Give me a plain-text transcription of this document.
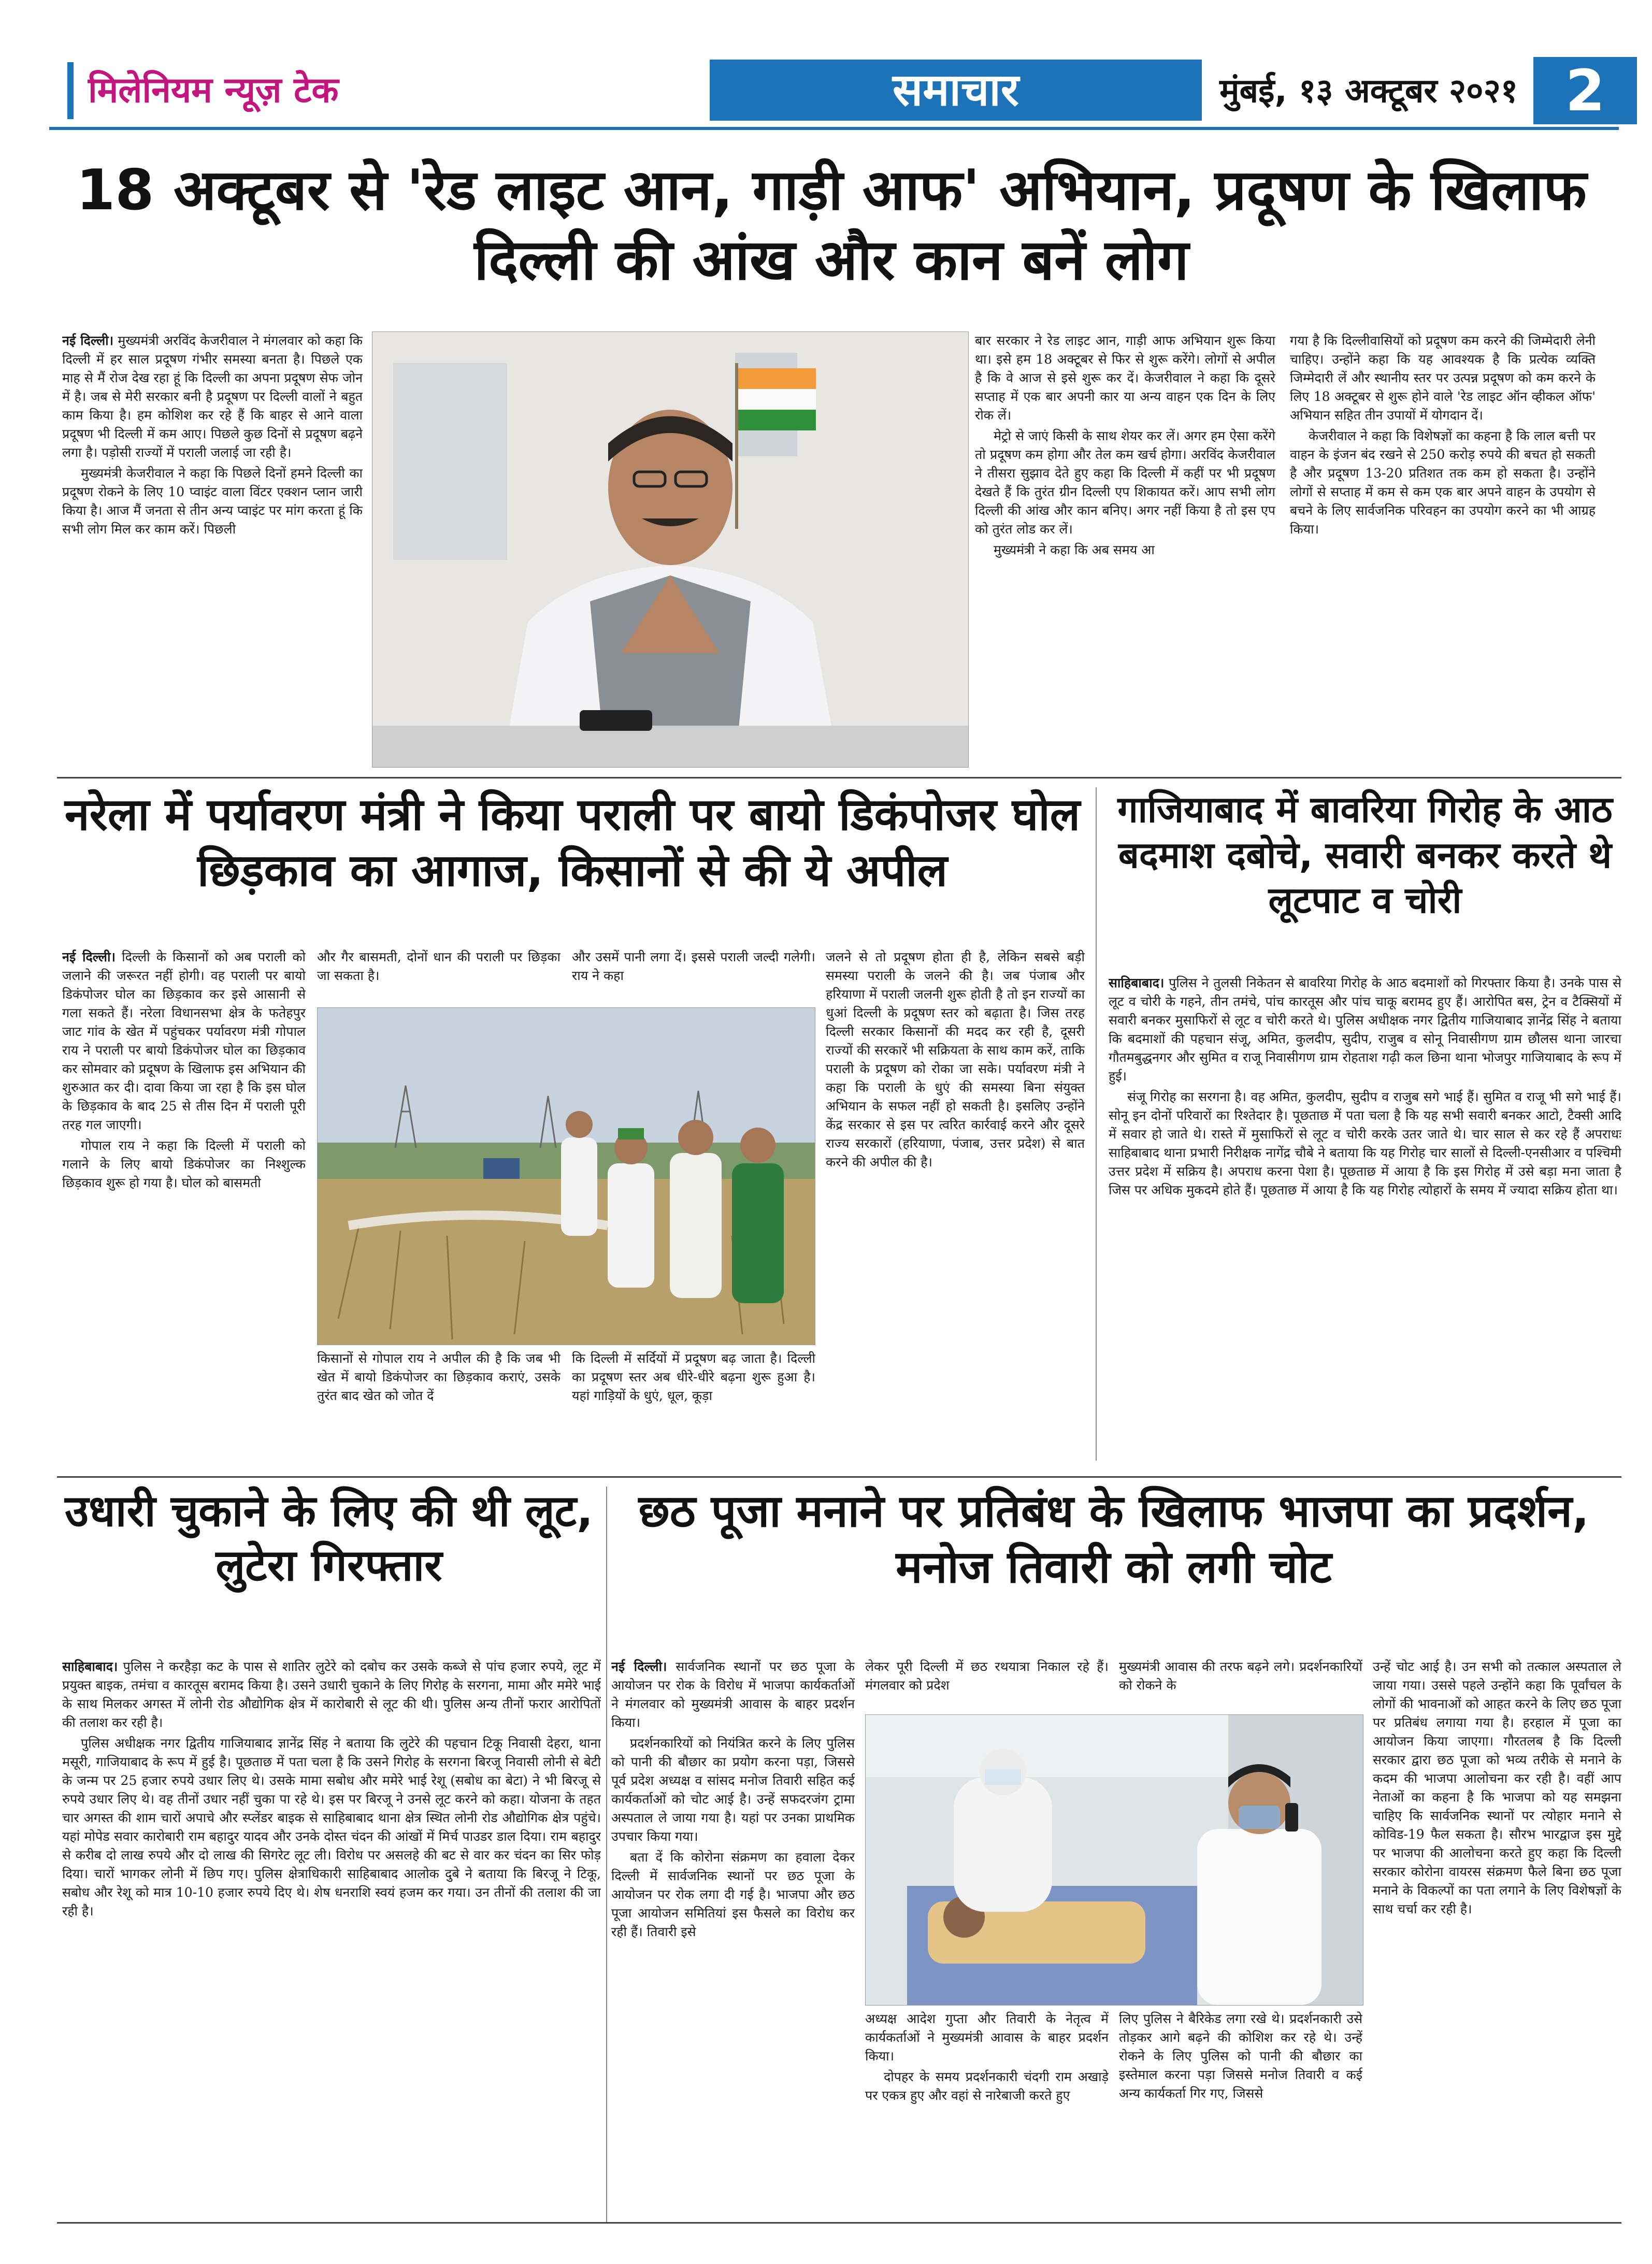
मिलेनियम न्यूज़ टेक	समाचार	मुंबई, १३ अक्टूबर २०२१ 2
18 अक्टूबर से 'रेड लाइट आन, गाड़ी आफ' अभियान, प्रदूषण के खिलाफ दिल्ली की आंख और कान बनें लोग

नई दिल्ली। मुख्यमंत्री अरविंद केजरीवाल ने मंगलवार को कहा कि दिल्ली में हर साल प्रदूषण गंभीर समस्या बनता है। पिछले एक माह से मैं रोज देख रहा हूं कि दिल्ली का अपना प्रदूषण सेफ जोन में है। जब से मेरी सरकार बनी है प्रदूषण पर दिल्ली वालों ने बहुत काम किया है। हम कोशिश कर रहे हैं कि बाहर से आने वाला प्रदूषण भी दिल्ली में कम आए। पिछले कुछ दिनों से प्रदूषण बढ़ने लगा है। पड़ोसी राज्यों में पराली जलाई जा रही है।

मुख्यमंत्री केजरीवाल ने कहा कि पिछले दिनों हमने दिल्ली का प्रदूषण रोकने के लिए 10 प्वाइंट वाला विंटर एक्शन प्लान जारी किया है। आज मैं जनता से तीन अन्य प्वाइंट पर मांग करता हूं कि सभी लोग मिल कर काम करें। पिछली

बार सरकार ने रेड लाइट आन, गाड़ी आफ अभियान शुरू किया था। इसे हम 18 अक्टूबर से फिर से शुरू करेंगे। लोगों से अपील है कि वे आज से इसे शुरू कर दें। केजरीवाल ने कहा कि दूसरे सप्ताह में एक बार अपनी कार या अन्य वाहन एक दिन के लिए रोक लें।

मेट्रो से जाएं किसी के साथ शेयर कर लें। अगर हम ऐसा करेंगे तो प्रदूषण कम होगा और तेल कम खर्च होगा। अरविंद केजरीवाल ने तीसरा सुझाव देते हुए कहा कि दिल्ली में कहीं पर भी प्रदूषण देखते हैं कि तुरंत ग्रीन दिल्ली एप शिकायत करें। आप सभी लोग दिल्ली की आंख और कान बनिए। अगर नहीं किया है तो इस एप को तुरंत लोड कर लें।

मुख्यमंत्री ने कहा कि अब समय आ

गया है कि दिल्लीवासियों को प्रदूषण कम करने की जिम्मेदारी लेनी चाहिए। उन्होंने कहा कि यह आवश्यक है कि प्रत्येक व्यक्ति जिम्मेदारी लें और स्थानीय स्तर पर उत्पन्न प्रदूषण को कम करने के लिए 18 अक्टूबर से शुरू होने वाले 'रेड लाइट ऑन व्हीकल ऑफ' अभियान सहित तीन उपायों में योगदान दें।

केजरीवाल ने कहा कि विशेषज्ञों का कहना है कि लाल बत्ती पर वाहन के इंजन बंद रखने से 250 करोड़ रुपये की बचत हो सकती है और प्रदूषण 13-20 प्रतिशत तक कम हो सकता है। उन्होंने लोगों से सप्ताह में कम से कम एक बार अपने वाहन के उपयोग से बचने के लिए सार्वजनिक परिवहन का उपयोग करने का भी आग्रह किया।

नरेला में पर्यावरण मंत्री ने किया पराली पर बायो डिकंपोजर घोल छिड़काव का आगाज, किसानों से की ये अपील

नई दिल्ली। दिल्ली के किसानों को अब पराली को जलाने की जरूरत नहीं होगी। वह पराली पर बायो डिकंपोजर घोल का छिड़काव कर इसे आसानी से गला सकते हैं। नरेला विधानसभा क्षेत्र के फतेहपुर जाट गांव के खेत में पहुंचकर पर्यावरण मंत्री गोपाल राय ने पराली पर बायो डिकंपोजर घोल का छिड़काव कर सोमवार को प्रदूषण के खिलाफ इस अभियान की शुरुआत कर दी। दावा किया जा रहा है कि इस घोल के छिड़काव के बाद 25 से तीस दिन में पराली पूरी तरह गल जाएगी।

गोपाल राय ने कहा कि दिल्ली में पराली को गलाने के लिए बायो डिकंपोजर का निश्शुल्क छिड़काव शुरू हो गया है। घोल को बासमती

और गैर बासमती, दोनों धान की पराली पर छिड़का जा सकता है।

और उसमें पानी लगा दें। इससे पराली जल्दी गलेगी। राय ने कहा

किसानों से गोपाल राय ने अपील की है कि जब भी खेत में बायो डिकंपोजर का छिड़काव कराएं, उसके तुरंत बाद खेत को जोत दें

कि दिल्ली में सर्दियों में प्रदूषण बढ़ जाता है। दिल्ली का प्रदूषण स्तर अब धीरे-धीरे बढ़ना शुरू हुआ है। यहां गाड़ियों के धुएं, धूल, कूड़ा

जलने से तो प्रदूषण होता ही है, लेकिन सबसे बड़ी समस्या पराली के जलने की है। जब पंजाब और हरियाणा में पराली जलनी शुरू होती है तो इन राज्यों का धुआं दिल्ली के प्रदूषण स्तर को बढ़ाता है। जिस तरह दिल्ली सरकार किसानों की मदद कर रही है, दूसरी राज्यों की सरकारें भी सक्रियता के साथ काम करें, ताकि पराली के प्रदूषण को रोका जा सके। पर्यावरण मंत्री ने कहा कि पराली के धुएं की समस्या बिना संयुक्त अभियान के सफल नहीं हो सकती है। इसलिए उन्होंने केंद्र सरकार से इस पर त्वरित कार्रवाई करने और दूसरे राज्य सरकारों (हरियाणा, पंजाब, उत्तर प्रदेश) से बात करने की अपील की है।

गाजियाबाद में बावरिया गिरोह के आठ बदमाश दबोचे, सवारी बनकर करते थे लूटपाट व चोरी

साहिबाबाद। पुलिस ने तुलसी निकेतन से बावरिया गिरोह के आठ बदमाशों को गिरफ्तार किया है। उनके पास से लूट व चोरी के गहने, तीन तमंचे, पांच कारतूस और पांच चाकू बरामद हुए हैं। आरोपित बस, ट्रेन व टैक्सियों में सवारी बनकर मुसाफिरों से लूट व चोरी करते थे। पुलिस अधीक्षक नगर द्वितीय गाजियाबाद ज्ञानेंद्र सिंह ने बताया कि बदमाशों की पहचान संजू, अमित, कुलदीप, सुदीप, राजुब व सोनू निवासीगण ग्राम छौलस थाना जारचा गौतमबुद्धनगर और सुमित व राजू निवासीगण ग्राम रोहताश गढ़ी कल छिना थाना भोजपुर गाजियाबाद के रूप में हुई।

संजू गिरोह का सरगना है। वह अमित, कुलदीप, सुदीप व राजुब सगे भाई हैं। सुमित व राजू भी सगे भाई हैं। सोनू इन दोनों परिवारों का रिश्तेदार है। पूछताछ में पता चला है कि यह सभी सवारी बनकर आटो, टैक्सी आदि में सवार हो जाते थे। रास्ते में मुसाफिरों से लूट व चोरी करके उतर जाते थे। चार साल से कर रहे हैं अपराधः साहिबाबाद थाना प्रभारी निरीक्षक नागेंद्र चौबे ने बताया कि यह गिरोह चार सालों से दिल्ली-एनसीआर व पश्चिमी उत्तर प्रदेश में सक्रिय है। अपराध करना पेशा है। पूछताछ में आया है कि इस गिरोह में उसे बड़ा मना जाता है जिस पर अधिक मुकदमे होते हैं। पूछताछ में आया है कि यह गिरोह त्योहारों के समय में ज्यादा सक्रिय होता था।

उधारी चुकाने के लिए की थी लूट, लुटेरा गिरफ्तार

साहिबाबाद। पुलिस ने करहैड़ा कट के पास से शातिर लुटेरे को दबोच कर उसके कब्जे से पांच हजार रुपये, लूट में प्रयुक्त बाइक, तमंचा व कारतूस बरामद किया है। उसने उधारी चुकाने के लिए गिरोह के सरगना, मामा और ममेरे भाई के साथ मिलकर अगस्त में लोनी रोड औद्योगिक क्षेत्र में कारोबारी से लूट की थी। पुलिस अन्य तीनों फरार आरोपितों की तलाश कर रही है।

पुलिस अधीक्षक नगर द्वितीय गाजियाबाद ज्ञानेंद्र सिंह ने बताया कि लुटेरे की पहचान टिकू निवासी देहरा, थाना मसूरी, गाजियाबाद के रूप में हुई है। पूछताछ में पता चला है कि उसने गिरोह के सरगना बिरजू निवासी लोनी से बेटी के जन्म पर 25 हजार रुपये उधार लिए थे। उसके मामा सबोध और ममेरे भाई रेशू (सबोध का बेटा) ने भी बिरजू से रुपये उधार लिए थे। वह तीनों उधार नहीं चुका पा रहे थे। इस पर बिरजू ने उनसे लूट करने को कहा। योजना के तहत चार अगस्त की शाम चारों अपाचे और स्प्लेंडर बाइक से साहिबाबाद थाना क्षेत्र स्थित लोनी रोड औद्योगिक क्षेत्र पहुंचे। यहां मोपेड सवार कारोबारी राम बहादुर यादव और उनके दोस्त चंदन की आंखों में मिर्च पाउडर डाल दिया। राम बहादुर से करीब दो लाख रुपये और दो लाख की सिगरेट लूट ली। विरोध पर असलहे की बट से वार कर चंदन का सिर फोड़ दिया। चारों भागकर लोनी में छिप गए। पुलिस क्षेत्राधिकारी साहिबाबाद आलोक दुबे ने बताया कि बिरजू ने टिकू, सबोध और रेशू को मात्र 10-10 हजार रुपये दिए थे। शेष धनराशि स्वयं हजम कर गया। उन तीनों की तलाश की जा रही है।

छठ पूजा मनाने पर प्रतिबंध के खिलाफ भाजपा का प्रदर्शन, मनोज तिवारी को लगी चोट

नई दिल्ली। सार्वजनिक स्थानों पर छठ पूजा के आयोजन पर रोक के विरोध में भाजपा कार्यकर्ताओं ने मंगलवार को मुख्यमंत्री आवास के बाहर प्रदर्शन किया।

प्रदर्शनकारियों को नियंत्रित करने के लिए पुलिस को पानी की बौछार का प्रयोग करना पड़ा, जिससे पूर्व प्रदेश अध्यक्ष व सांसद मनोज तिवारी सहित कई कार्यकर्ताओं को चोट आई है। उन्हें सफदरजंग ट्रामा अस्पताल ले जाया गया है। यहां पर उनका प्राथमिक उपचार किया गया।

बता दें कि कोरोना संक्रमण का हवाला देकर दिल्ली में सार्वजनिक स्थानों पर छठ पूजा के आयोजन पर रोक लगा दी गई है। भाजपा और छठ पूजा आयोजन समितियां इस फैसले का विरोध कर रही हैं। तिवारी इसे

लेकर पूरी दिल्ली में छठ रथयात्रा निकाल रहे हैं। मंगलवार को प्रदेश

मुख्यमंत्री आवास की तरफ बढ़ने लगे। प्रदर्शनकारियों को रोकने के

अध्यक्ष आदेश गुप्ता और तिवारी के नेतृत्व में कार्यकर्ताओं ने मुख्यमंत्री आवास के बाहर प्रदर्शन किया।

दोपहर के समय प्रदर्शनकारी चंदगी राम अखाड़े पर एकत्र हुए और वहां से नारेबाजी करते हुए

लिए पुलिस ने बैरिकेड लगा रखे थे। प्रदर्शनकारी उसे तोड़कर आगे बढ़ने की कोशिश कर रहे थे। उन्हें रोकने के लिए पुलिस को पानी की बौछार का इस्तेमाल करना पड़ा जिससे मनोज तिवारी व कई अन्य कार्यकर्ता गिर गए, जिससे

उन्हें चोट आई है। उन सभी को तत्काल अस्पताल ले जाया गया। उससे पहले उन्होंने कहा कि पूर्वांचल के लोगों की भावनाओं को आहत करने के लिए छठ पूजा पर प्रतिबंध लगाया गया है। हरहाल में पूजा का आयोजन किया जाएगा। गौरतलब है कि दिल्ली सरकार द्वारा छठ पूजा को भव्य तरीके से मनाने के कदम की भाजपा आलोचना कर रही है। वहीं आप नेताओं का कहना है कि भाजपा को यह समझना चाहिए कि सार्वजनिक स्थानों पर त्योहार मनाने से कोविड-19 फैल सकता है। सौरभ भारद्वाज इस मुद्दे पर भाजपा की आलोचना करते हुए कहा कि दिल्ली सरकार कोरोना वायरस संक्रमण फैले बिना छठ पूजा मनाने के विकल्पों का पता लगाने के लिए विशेषज्ञों के साथ चर्चा कर रही है।
